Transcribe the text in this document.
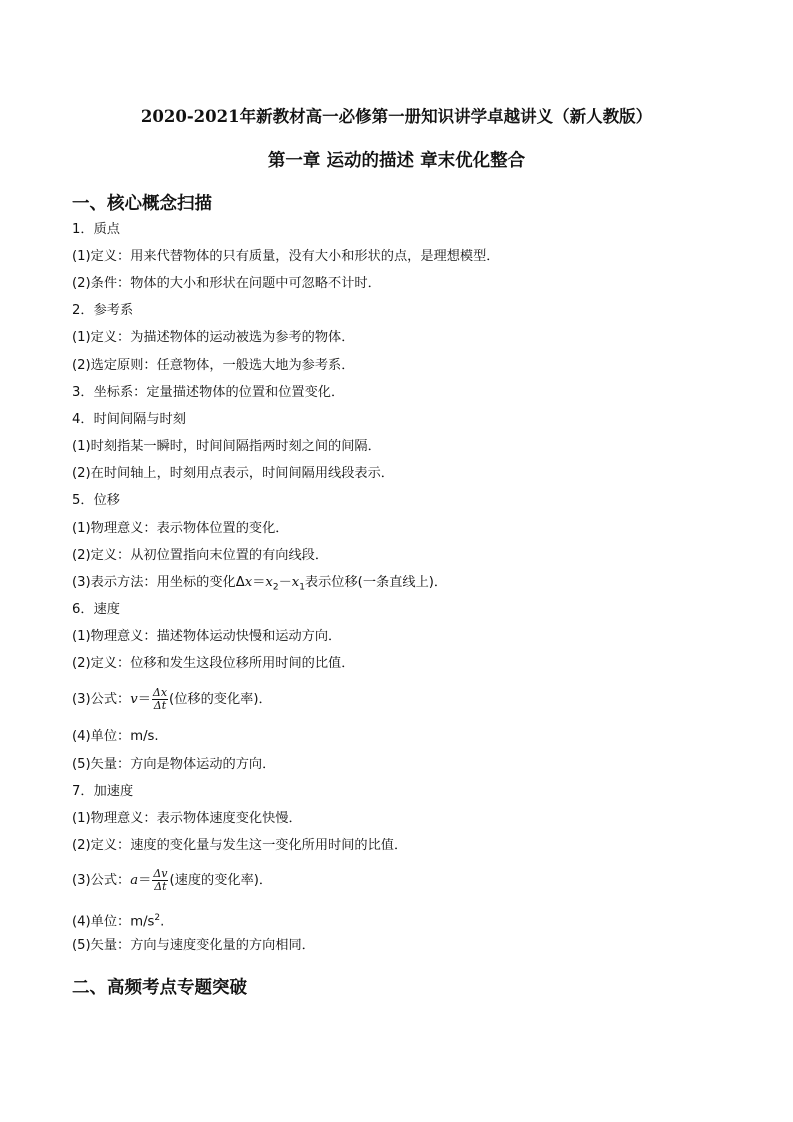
2020-2021年新教材高一必修第一册知识讲学卓越讲义（新人教版）
第一章 运动的描述 章末优化整合
一、核心概念扫描
1．质点
(1)定义：用来代替物体的只有质量，没有大小和形状的点，是理想模型．
(2)条件：物体的大小和形状在问题中可忽略不计时．
2．参考系
(1)定义：为描述物体的运动被选为参考的物体．
(2)选定原则：任意物体，一般选大地为参考系．
3．坐标系：定量描述物体的位置和位置变化．
4．时间间隔与时刻
(1)时刻指某一瞬时，时间间隔指两时刻之间的间隔．
(2)在时间轴上，时刻用点表示，时间间隔用线段表示．
5．位移
(1)物理意义：表示物体位置的变化．
(2)定义：从初位置指向末位置的有向线段．
(3)表示方法：用坐标的变化$\Delta x=x_2-x_1$表示位移(一条直线上)．
6．速度
(1)物理意义：描述物体运动快慢和运动方向．
(2)定义：位移和发生这段位移所用时间的比值．
(3)公式：$v= \frac{\Delta x}{\Delta t}$ (位移的变化率)．
(4)单位：m/s.
(5)矢量：方向是物体运动的方向．
7．加速度
(1)物理意义：表示物体速度变化快慢．
(2)定义：速度的变化量与发生这一变化所用时间的比值．
(3)公式：$a= \frac{\Delta v}{\Delta t}$ (速度的变化率)．
(4)单位：$m/s^2$.
(5)矢量：方向与速度变化量的方向相同．
二、高频考点专题突破
